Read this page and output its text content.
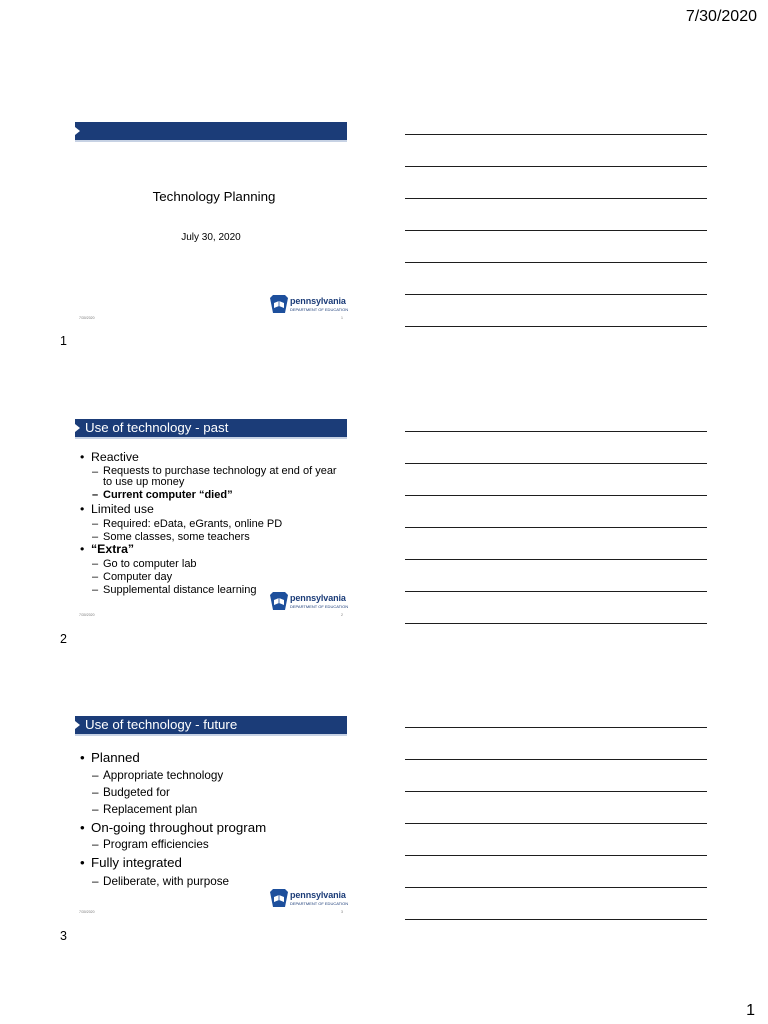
7/30/2020
1
Technology Planning
July 30, 2020
pennsylvania
DEPARTMENT OF EDUCATION
7/30/2020	1
1
Use of technology - past
• Reactive
– Requests to purchase technology at end of year to use up money
– Current computer “died”
• Limited use
– Required: eData, eGrants, online PD
– Some classes, some teachers
• “Extra”
– Go to computer lab
– Computer day
– Supplemental distance learning
pennsylvania
DEPARTMENT OF EDUCATION
7/30/2020	2
2
Use of technology - future
• Planned
– Appropriate technology
– Budgeted for
– Replacement plan
• On-going throughout program
– Program efficiencies
• Fully integrated
– Deliberate, with purpose
pennsylvania
DEPARTMENT OF EDUCATION
7/30/2020	3
3
